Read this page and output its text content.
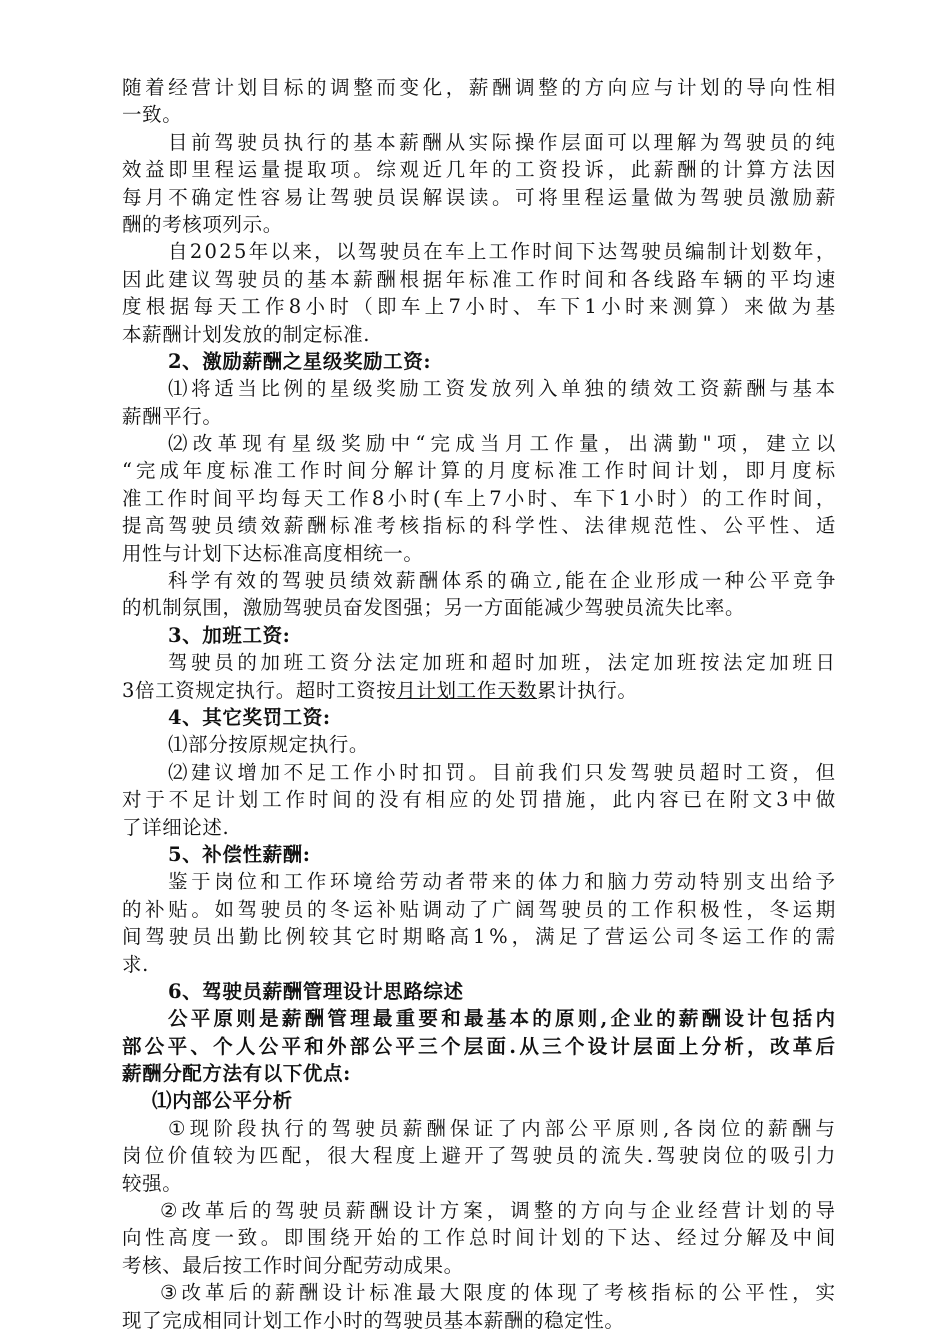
随 着 经 营 计 划 目 标 的 调 整 而 变 化 ， 薪 酬 调 整 的 方 向 应 与 计 划 的 导 向 性 相
一致。
目 前 驾 驶 员 执 行 的 基 本 薪 酬 从 实 际 操 作 层 面 可 以 理 解 为 驾 驶 员 的 纯
效 益 即 里 程 运 量 提 取 项 。 综 观 近 几 年 的 工 资 投 诉 ， 此 薪 酬 的 计 算 方 法 因
每 月 不 确 定 性 容 易 让 驾 驶 员 误 解 误 读 。 可 将 里 程 运 量 做 为 驾 驶 员 激 励 薪
酬的考核项列示。
自 2 0 2 5 年 以 来 ， 以 驾 驶 员 在 车 上 工 作 时 间 下 达 驾 驶 员 编 制 计 划 数 年 ，
因 此 建 议 驾 驶 员 的 基 本 薪 酬 根 据 年 标 准 工 作 时 间 和 各 线 路 车 辆 的 平 均 速
度 根 据 每 天 工 作 8 小 时 （ 即 车 上 7 小 时 、 车 下 1 小 时 来 测 算 ） 来 做 为 基
本薪酬计划发放的制定标准.
2、激励薪酬之星级奖励工资:
⑴ 将 适 当 比 例 的 星 级 奖 励 工 资 发 放 列 入 单 独 的 绩 效 工 资 薪 酬 与 基 本
薪酬平行。
⑵ 改 革 现 有 星 级 奖 励 中 “ 完 成 当 月 工 作 量 ， 出 满 勤 " 项 ， 建 立 以
“ 完 成 年 度 标 准 工 作 时 间 分 解 计 算 的 月 度 标 准 工 作 时 间 计 划 ， 即 月 度 标
准 工 作 时 间 平 均 每 天 工 作 8 小 时 ( 车 上 7 小 时 、 车 下 1 小 时 ） 的 工 作 时 间 ，
提 高 驾 驶 员 绩 效 薪 酬 标 准 考 核 指 标 的 科 学 性 、 法 律 规 范 性 、 公 平 性 、 适
用性与计划下达标准高度相统一。
科 学 有 效 的 驾 驶 员 绩 效 薪 酬 体 系 的 确 立 , 能 在 企 业 形 成 一 种 公 平 竞 争
的机制氛围，激励驾驶员奋发图强；另一方面能减少驾驶员流失比率。
3、加班工资:
驾 驶 员 的 加 班 工 资 分 法 定 加 班 和 超 时 加 班 ， 法 定 加 班 按 法 定 加 班 日
3倍工资规定执行。超时工资按 月计划工作天数 累计执行。
4、其它奖罚工资:
⑴部分按原规定执行。
⑵ 建 议 增 加 不 足 工 作 小 时 扣 罚 。 目 前 我 们 只 发 驾 驶 员 超 时 工 资 ， 但
对 于 不 足 计 划 工 作 时 间 的 没 有 相 应 的 处 罚 措 施 ， 此 内 容 已 在 附 文 3 中 做
了详细论述.
5、补偿性薪酬:
鉴 于 岗 位 和 工 作 环 境 给 劳 动 者 带 来 的 体 力 和 脑 力 劳 动 特 别 支 出 给 予
的 补 贴 。 如 驾 驶 员 的 冬 运 补 贴 调 动 了 广 阔 驾 驶 员 的 工 作 积 极 性 ， 冬 运 期
间 驾 驶 员 出 勤 比 例 较 其 它 时 期 略 高 1 % ， 满 足 了 营 运 公 司 冬 运 工 作 的 需
求.
6、驾驶员薪酬管理设计思路综述
公 平 原 则 是 薪 酬 管 理 最 重 要 和 最 基 本 的 原 则 , 企 业 的 薪 酬 设 计 包 括 内
部 公 平 、 个 人 公 平 和 外 部 公 平 三 个 层 面 . 从 三 个 设 计 层 面 上 分 析 ， 改 革 后
薪酬分配方法有以下优点:
⑴内部公平分析
① 现 阶 段 执 行 的 驾 驶 员 薪 酬 保 证 了 内 部 公 平 原 则 , 各 岗 位 的 薪 酬 与
岗 位 价 值 较 为 匹 配 ， 很 大 程 度 上 避 开 了 驾 驶 员 的 流 失 . 驾 驶 岗 位 的 吸 引 力
较强。
② 改 革 后 的 驾 驶 员 薪 酬 设 计 方 案 ， 调 整 的 方 向 与 企 业 经 营 计 划 的 导
向 性 高 度 一 致 。 即 围 绕 开 始 的 工 作 总 时 间 计 划 的 下 达 、 经 过 分 解 及 中 间
考核、最后按工作时间分配劳动成果。
③ 改 革 后 的 薪 酬 设 计 标 准 最 大 限 度 的 体 现 了 考 核 指 标 的 公 平 性 ， 实
现了完成相同计划工作小时的驾驶员基本薪酬的稳定性。
